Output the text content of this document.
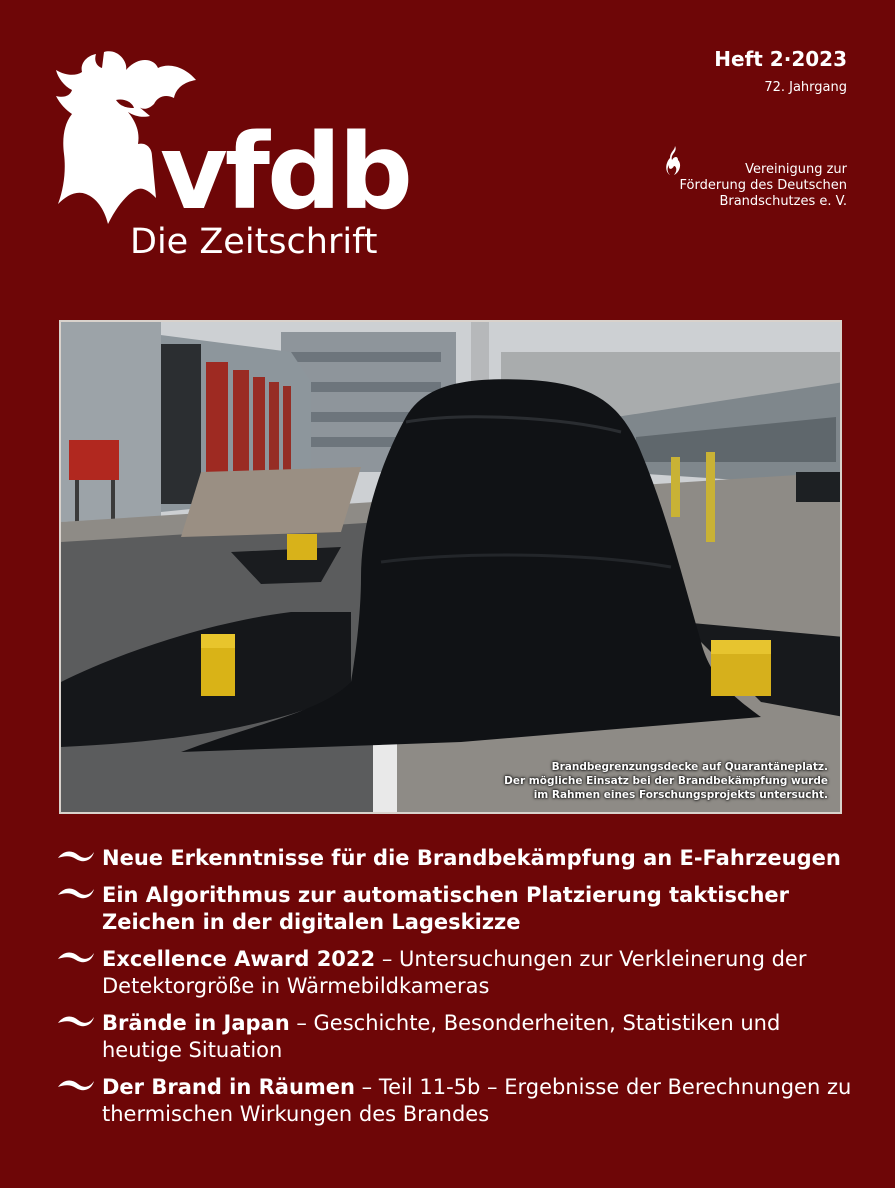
vfdb
Die Zeitschrift
Heft 2·2023
72. Jahrgang
Vereinigung zur
Förderung des Deutschen
Brandschutzes e. V.
Brandbegrenzungsdecke auf Quarantäneplatz.
Der mögliche Einsatz bei der Brandbekämpfung wurde
im Rahmen eines Forschungsprojekts untersucht.
Neue Erkenntnisse für die Brandbekämpfung an E-Fahrzeugen
Ein Algorithmus zur automatischen Platzierung taktischer Zeichen in der digitalen Lageskizze
Excellence Award 2022 – Untersuchungen zur Verkleinerung der Detektorgröße in Wärmebildkameras
Brände in Japan – Geschichte, Besonderheiten, Statistiken und heutige Situation
Der Brand in Räumen – Teil 11-5b – Ergebnisse der Berechnungen zu thermischen Wirkungen des Brandes
